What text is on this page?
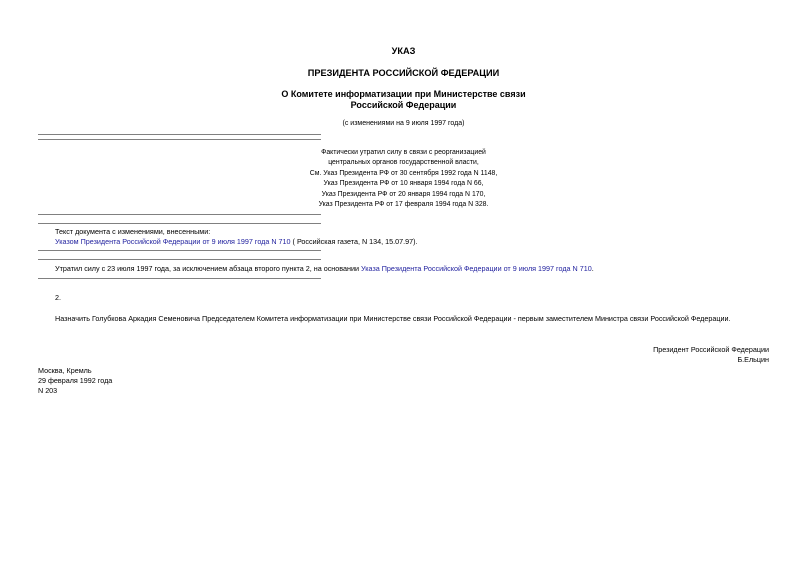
УКАЗ
ПРЕЗИДЕНТА РОССИЙСКОЙ ФЕДЕРАЦИИ
О Комитете информатизации при Министерстве связи
Российской Федерации
(с изменениями на 9 июля 1997 года)
Фактически утратил силу в связи с реорганизацией
центральных органов государственной власти,
См. Указ Президента РФ от 30 сентября 1992 года N 1148,
Указ Президента РФ от 10 января 1994 года N 66,
Указ Президента РФ от 20 января 1994 года N 170,
Указ Президента РФ от 17 февраля 1994 года N 328.
Текст документа с изменениями, внесенными:
Указом Президента Российской Федерации от 9 июля 1997 года N 710 ( Российская газета, N 134, 15.07.97).
Утратил силу с 23 июля 1997 года, за исключением абзаца второго пункта 2, на основании Указа Президента Российской Федерации от 9 июля 1997 года N 710.
2.
Назначить Голубкова Аркадия Семеновича Председателем Комитета информатизации при Министерстве связи Российской Федерации - первым заместителем Министра связи Российской Федерации.
Президент Российской Федерации
Б.Ельцин
Москва, Кремль
29 февраля 1992 года
N 203
